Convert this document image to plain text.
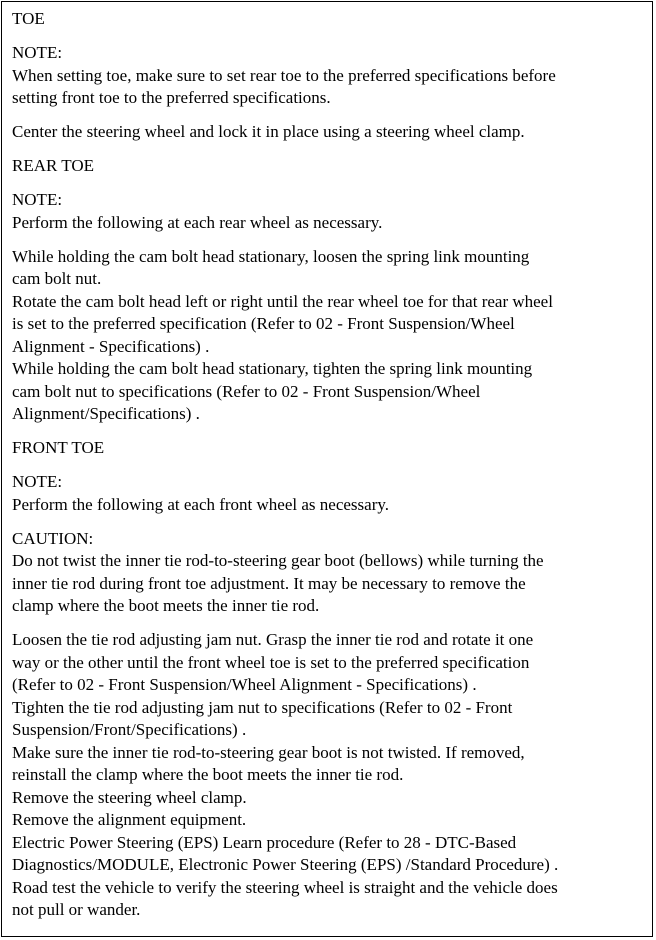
TOE
NOTE:
When setting toe, make sure to set rear toe to the preferred specifications before
setting front toe to the preferred specifications.
Center the steering wheel and lock it in place using a steering wheel clamp.
REAR TOE
NOTE:
Perform the following at each rear wheel as necessary.
While holding the cam bolt head stationary, loosen the spring link mounting
cam bolt nut.
Rotate the cam bolt head left or right until the rear wheel toe for that rear wheel
is set to the preferred specification (Refer to 02 - Front Suspension/Wheel
Alignment - Specifications) .
While holding the cam bolt head stationary, tighten the spring link mounting
cam bolt nut to specifications (Refer to 02 - Front Suspension/Wheel
Alignment/Specifications) .
FRONT TOE
NOTE:
Perform the following at each front wheel as necessary.
CAUTION:
Do not twist the inner tie rod-to-steering gear boot (bellows) while turning the
inner tie rod during front toe adjustment. It may be necessary to remove the
clamp where the boot meets the inner tie rod.
Loosen the tie rod adjusting jam nut. Grasp the inner tie rod and rotate it one
way or the other until the front wheel toe is set to the preferred specification
(Refer to 02 - Front Suspension/Wheel Alignment - Specifications) .
Tighten the tie rod adjusting jam nut to specifications (Refer to 02 - Front
Suspension/Front/Specifications) .
Make sure the inner tie rod-to-steering gear boot is not twisted. If removed,
reinstall the clamp where the boot meets the inner tie rod.
Remove the steering wheel clamp.
Remove the alignment equipment.
Electric Power Steering (EPS) Learn procedure (Refer to 28 - DTC-Based
Diagnostics/MODULE, Electronic Power Steering (EPS) /Standard Procedure) .
Road test the vehicle to verify the steering wheel is straight and the vehicle does
not pull or wander.
